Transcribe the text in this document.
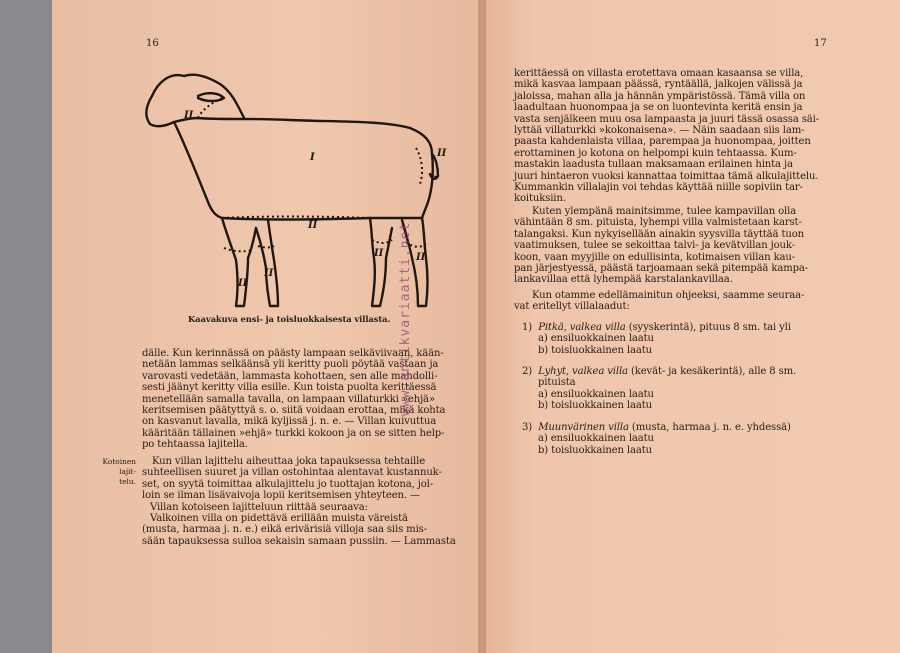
16	17
I
II
II
II
II
II	II
II
Kaavakuva ensi- ja toisluokkaisesta villasta.
dälle. Kun kerinnässä on päästy lampaan selkäviivaan, kään-
netään lammas selkäänsä yli keritty puoli pöytää vastaan ja
varovasti vedetään, lammasta kohottaen, sen alle mahdolli-
sesti jäänyt keritty villa esille. Kun toista puolta kerittäessä
menetellään samalla tavalla, on lampaan villaturkki »ehjä»
keritsemisen päätyttyä s. o. siitä voidaan erottaa, mikä kohta
on kasvanut lavalla, mikä kyljissä j. n. e. — Villan kuivuttua
kääritään tällainen »ehjä» turkki kokoon ja on se sitten help-
po tehtaassa lajitella.
Kotoinen lajit-
telu.
Kun villan lajittelu aiheuttaa joka tapauksessa tehtaille
suhteellisen suuret ja villan ostohintaa alentavat kustannuk-
set, on syytä toimittaa alkulajittelu jo tuottajan kotona, jol-
loin se ilman lisävaivoja lopii keritsemisen yhteyteen. —
Villan kotoiseen lajitteluun riittää seuraava:
Valkoinen villa on pidettävä erillään muista väreistä
(musta, harmaa j. n. e.) eikä erivärisiä villoja saa siis mis-
sään tapauksessa sulloa sekaisin samaan pussiin. — Lammasta
www.antikvariaatti.net
kerittäessä on villasta erotettava omaan kasaansa se villa,
mikä kasvaa lampaan päässä, ryntäällä, jalkojen välissä ja
jaloissa, mahan alla ja hännän ympäristössä. Tämä villa on
laadultaan huonompaa ja se on luontevinta keritä ensin ja
vasta senjälkeen muu osa lampaasta ja juuri tässä osassa säi-
lyttää villaturkki »kokonaisena». — Näin saadaan siis lam-
paasta kahdenlaista villaa, parempaa ja huonompaa, joitten
erottaminen jo kotona on helpompi kuin tehtaassa. Kum-
mastakin laadusta tullaan maksamaan erilainen hinta ja
juuri hintaeron vuoksi kannattaa toimittaa tämä alkulajittelu.
Kummankin villalajin voi tehdas käyttää niille sopiviin tar-
koituksiin.
Kuten ylempänä mainitsimme, tulee kampavillan olla
vähintään 8 sm. pituista, lyhempi villa valmistetaan karst-
talangaksi. Kun nykyisellään ainakin syysvilla täyttää tuon
vaatimuksen, tulee se sekoittaa talvi- ja kevätvillan jouk-
koon, vaan myyjille on edullisinta, kotimaisen villan kau-
pan järjestyessä, päästä tarjoamaan sekä pitempää kampa-
lankavillaa että lyhempää karstalankavillaa.
Kun otamme edellämainitun ohjeeksi, saamme seuraa-
vat eritellyt villalaadut:
1) Pitkä, valkea villa (syyskerintä), pituus 8 sm. tai yli
a) ensiluokkainen laatu
b) toisluokkainen laatu
2) Lyhyt, valkea villa (kevät- ja kesäkerintä), alle 8 sm.
pituista
a) ensiluokkainen laatu
b) toisluokkainen laatu
3) Muunvärinen villa (musta, harmaa j. n. e. yhdessä)
a) ensiluokkainen laatu
b) toisluokkainen laatu
